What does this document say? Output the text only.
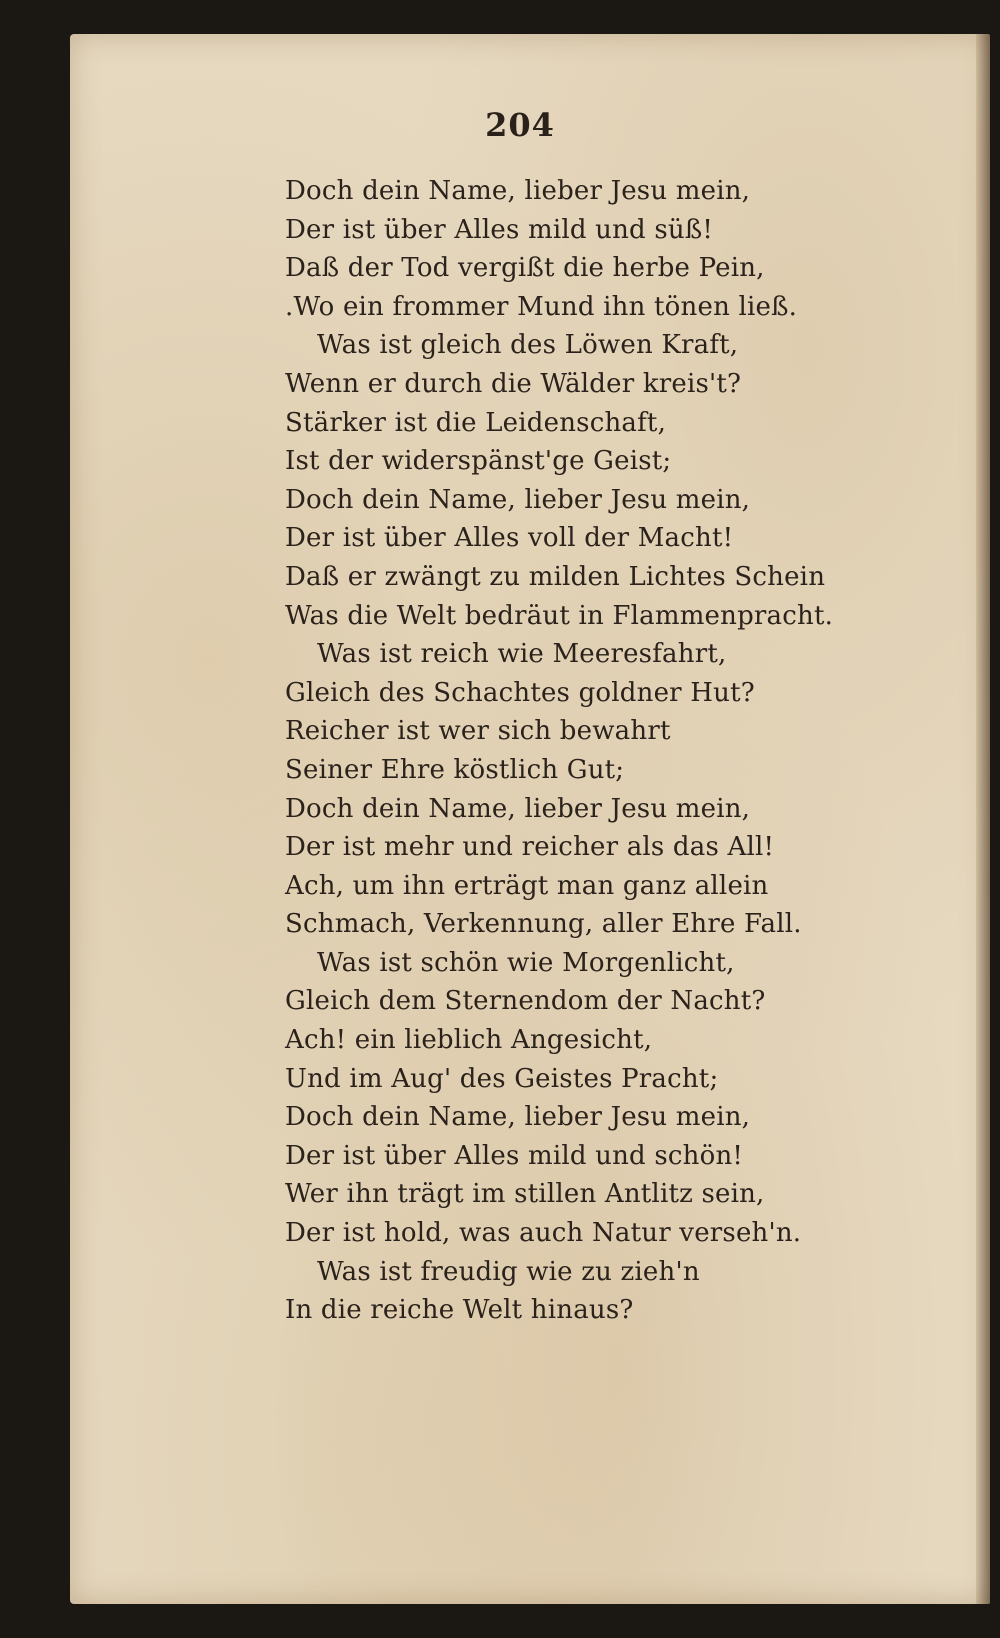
204
Doch dein Name, lieber Jesu mein,
Der ist über Alles mild und süß!
Daß der Tod vergißt die herbe Pein,
.Wo ein frommer Mund ihn tönen ließ.
Was ist gleich des Löwen Kraft,
Wenn er durch die Wälder kreis't?
Stärker ist die Leidenschaft,
Ist der widerspänst'ge Geist;
Doch dein Name, lieber Jesu mein,
Der ist über Alles voll der Macht!
Daß er zwängt zu milden Lichtes Schein
Was die Welt bedräut in Flammenpracht.
Was ist reich wie Meeresfahrt,
Gleich des Schachtes goldner Hut?
Reicher ist wer sich bewahrt
Seiner Ehre köstlich Gut;
Doch dein Name, lieber Jesu mein,
Der ist mehr und reicher als das All!
Ach, um ihn erträgt man ganz allein
Schmach, Verkennung, aller Ehre Fall.
Was ist schön wie Morgenlicht,
Gleich dem Sternendom der Nacht?
Ach! ein lieblich Angesicht,
Und im Aug' des Geistes Pracht;
Doch dein Name, lieber Jesu mein,
Der ist über Alles mild und schön!
Wer ihn trägt im stillen Antlitz sein,
Der ist hold, was auch Natur verseh'n.
Was ist freudig wie zu zieh'n
In die reiche Welt hinaus?
